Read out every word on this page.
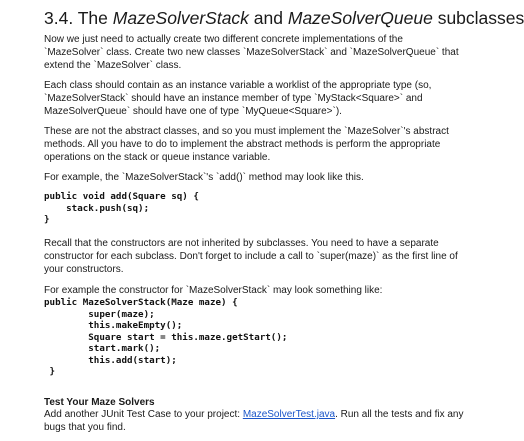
3.4. The MazeSolverStack and MazeSolverQueue subclasses

Now we just need to actually create two different concrete implementations of the `MazeSolver` class. Create two new classes `MazeSolverStack` and `MazeSolverQueue` that extend the `MazeSolver` class.

Each class should contain as an instance variable a worklist of the appropriate type (so, `MazeSolverStack` should have an instance member of type `MyStack<Square>` and MazeSolverQueue` should have one of type `MyQueue<Square>`).

These are not the abstract classes, and so you must implement the `MazeSolver`'s abstract methods. All you have to do to implement the abstract methods is perform the appropriate operations on the stack or queue instance variable.

For example, the `MazeSolverStack`'s `add()` method may look like this.

public void add(Square sq) {
stack.push(sq);
}

Recall that the constructors are not inherited by subclasses. You need to have a separate constructor for each subclass. Don't forget to include a call to `super(maze)` as the first line of your constructors.

For example the constructor for `MazeSolverStack` may look something like:

public MazeSolverStack(Maze maze) {
super(maze);
this.makeEmpty();
Square start = this.maze.getStart();
start.mark();
this.add(start);
}
Test Your Maze Solvers

Add another JUnit Test Case to your project: MazeSolverTest.java. Run all the tests and fix any bugs that you find.
